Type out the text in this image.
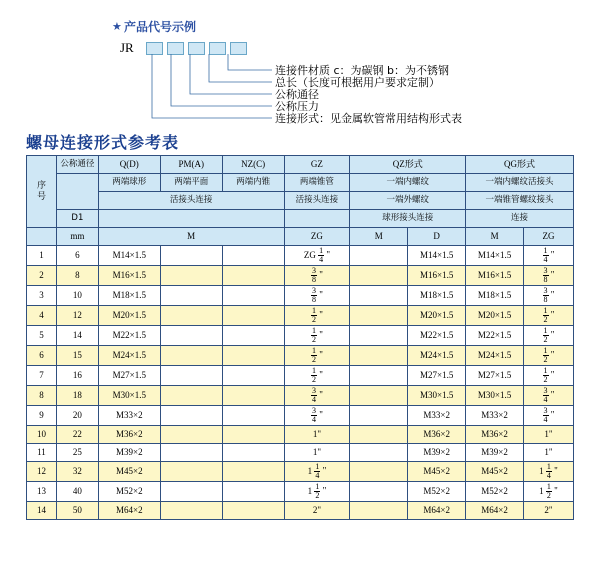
★ 产品代号示例
JR
连接件材质 c：为碳钢 b：为不锈钢
总长（长度可根据用户要求定制）
公称通径
公称压力
连接形式：见金属软管常用结构形式表
螺母连接形式参考表
序
号	公称通径	Q(D)	PM(A)	NZ(C)	GZ	QZ形式		QG形式	
		两端球形	两端平面	两端内锥	两端锥管	一端内螺纹		一端内螺纹活接头	
		活接头连接			活接头连接	一端外螺纹		一端锥管螺纹接头	
	D1					球形接头连接		连接	
	mm	M			ZG	M	D	M	ZG
1	6	M14×1.5			ZG $\frac{1}{4}$ "		M14×1.5	M14×1.5	$\frac{1}{4}$ "
2	8	M16×1.5			$\frac{3}{8}$ "		M16×1.5	M16×1.5	$\frac{3}{8}$ "
3	10	M18×1.5			$\frac{3}{8}$ "		M18×1.5	M18×1.5	$\frac{3}{8}$ "
4	12	M20×1.5			$\frac{1}{2}$ "		M20×1.5	M20×1.5	$\frac{1}{2}$ "
5	14	M22×1.5			$\frac{1}{2}$ "		M22×1.5	M22×1.5	$\frac{1}{2}$ "
6	15	M24×1.5			$\frac{1}{2}$ "		M24×1.5	M24×1.5	$\frac{1}{2}$ "
7	16	M27×1.5			$\frac{1}{2}$ "		M27×1.5	M27×1.5	$\frac{1}{2}$ "
8	18	M30×1.5			$\frac{3}{4}$ "		M30×1.5	M30×1.5	$\frac{3}{4}$ "
9	20	M33×2			$\frac{3}{4}$ "		M33×2	M33×2	$\frac{3}{4}$ "
10	22	M36×2			1"		M36×2	M36×2	1"
11	25	M39×2			1"		M39×2	M39×2	1"
12	32	M45×2			$1 \frac{1}{4}$ "		M45×2	M45×2	$1 \frac{1}{4}$ "
13	40	M52×2			$1 \frac{1}{2}$ "		M52×2	M52×2	$1 \frac{1}{2}$ "
14	50	M64×2			2"		M64×2	M64×2	2"
